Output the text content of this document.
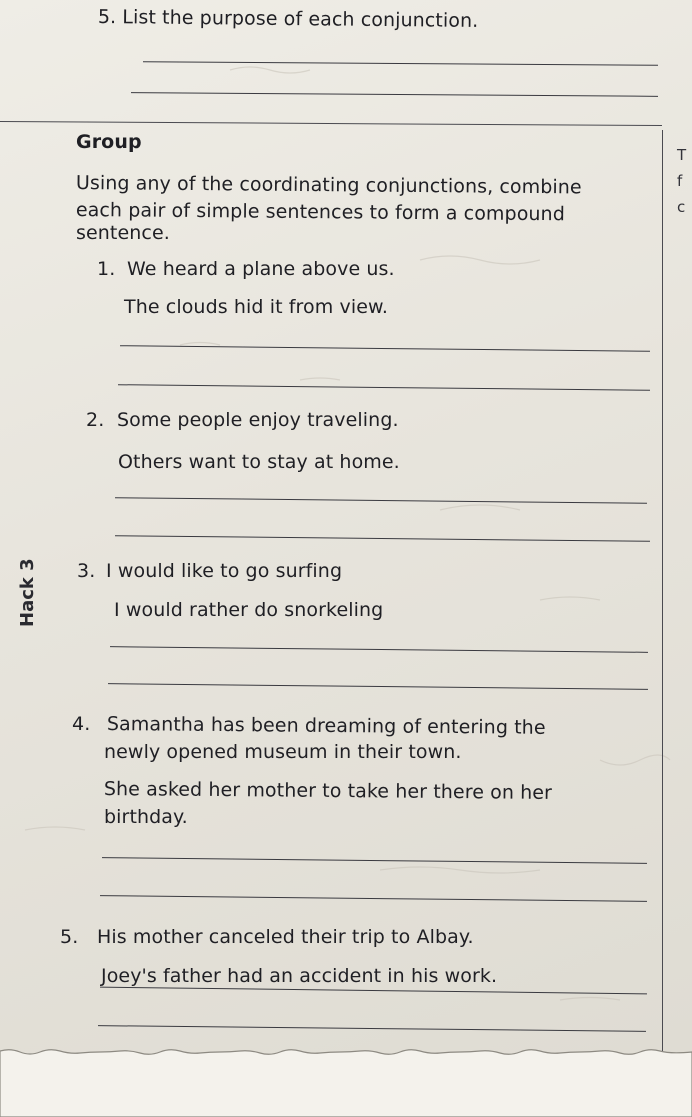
5. List the purpose of each conjunction.
T
f
c
Group
Using any of the coordinating conjunctions, combine
each pair of simple sentences to form a compound
sentence.
1. We heard a plane above us.
The clouds hid it from view.
2. Some people enjoy traveling.
Others want to stay at home.
Hack 3 3. I would like to go surfing
I would rather do snorkeling
4. Samantha has been dreaming of entering the
newly opened museum in their town.
She asked her mother to take her there on her
birthday.
5. His mother canceled their trip to Albay.
Joey's father had an accident in his work.
